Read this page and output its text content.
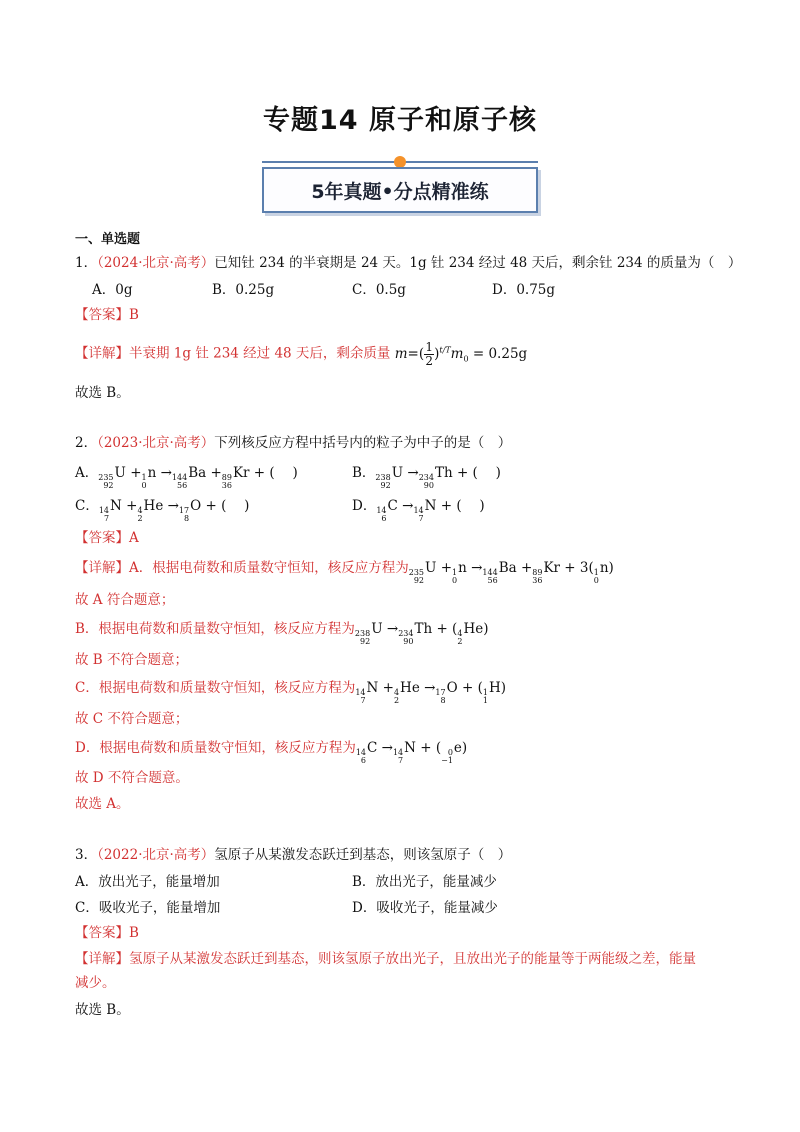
专题14 原子和原子核
5年真题•分点精准练
一、单选题
1．（2024·北京·高考）已知钍 234 的半衰期是 24 天。1g 钍 234 经过 48 天后，剩余钍 234 的质量为（　）
A．0g	B．0.25g	C．0.5g	D．0.75g
【答案】B
【详解】半衰期 1g 钍 234 经过 48 天后，剩余质量 $m=( \frac{1}{2} )^{t/T}m_0 = 0.25g$
故选 B。
2．（2023·北京·高考）下列核反应方程中括号内的粒子为中子的是（　）
A． 235
92
U + 1
0
n → 144
56
Ba + 89
36
Kr + (　 )	B． 238
92
U → 234
90
Th + (　 )
C． 14
7
N + 4
2
He → 17
8
O + (　 )	D． 14
6
C → 14
7
N + (　 )
【答案】A
【详解】A．根据电荷数和质量数守恒知，核反应方程为 235
92
U + 1
0
n → 144
56
Ba + 89
36
Kr + 3( 1
0
n)
故 A 符合题意；
B．根据电荷数和质量数守恒知，核反应方程为 238
92
U → 234
90
Th + ( 4
2
He)
故 B 不符合题意；
C．根据电荷数和质量数守恒知，核反应方程为 14
7
N + 4
2
He → 17
8
O + ( 1
1
H)
故 C 不符合题意；
D．根据电荷数和质量数守恒知，核反应方程为 14
6
C → 14
7
N + ( 0
−1
e)
故 D 不符合题意。
故选 A。
3．（2022·北京·高考）氢原子从某激发态跃迁到基态，则该氢原子（　）
A．放出光子，能量增加	B．放出光子，能量减少
C．吸收光子，能量增加	D．吸收光子，能量减少
【答案】B
【详解】氢原子从某激发态跃迁到基态，则该氢原子放出光子，且放出光子的能量等于两能级之差，能量
减少。
故选 B。
